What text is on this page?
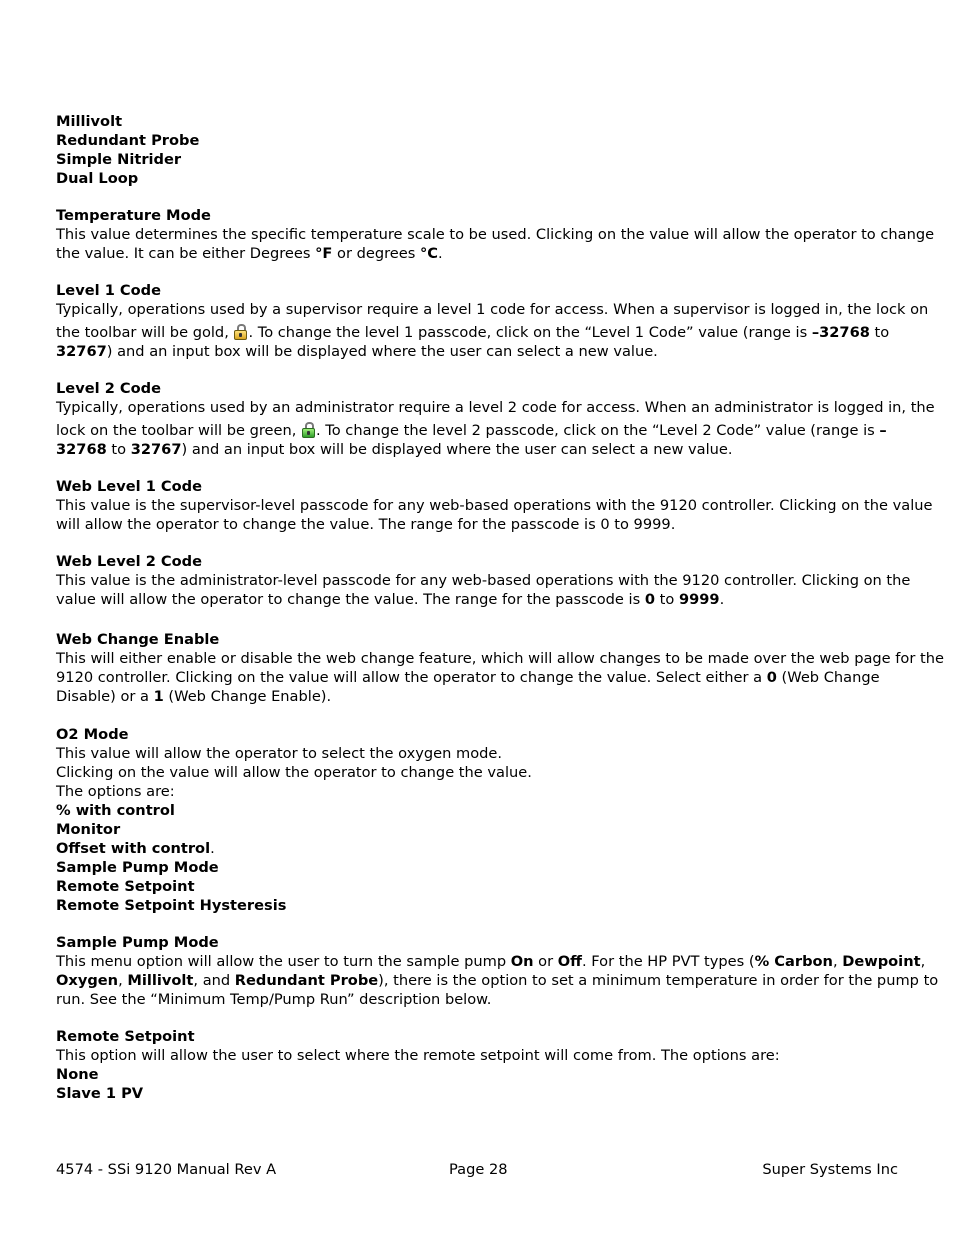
Millivolt
Redundant Probe
Simple Nitrider
Dual Loop
Temperature Mode
This value determines the specific temperature scale to be used. Clicking on the value will allow the operator to change
the value. It can be either Degrees °F or degrees °C.
Level 1 Code
Typically, operations used by a supervisor require a level 1 code for access. When a supervisor is logged in, the lock on
the toolbar will be gold,
. To change the level 1 passcode, click on the “Level 1 Code” value (range is –32768 to
32767) and an input box will be displayed where the user can select a new value.
Level 2 Code
Typically, operations used by an administrator require a level 2 code for access. When an administrator is logged in, the
lock on the toolbar will be green,
. To change the level 2 passcode, click on the “Level 2 Code” value (range is –
32768 to 32767) and an input box will be displayed where the user can select a new value.
Web Level 1 Code
This value is the supervisor-level passcode for any web-based operations with the 9120 controller. Clicking on the value
will allow the operator to change the value. The range for the passcode is 0 to 9999.
Web Level 2 Code
This value is the administrator-level passcode for any web-based operations with the 9120 controller. Clicking on the
value will allow the operator to change the value. The range for the passcode is 0 to 9999.
Web Change Enable
This will either enable or disable the web change feature, which will allow changes to be made over the web page for the
9120 controller. Clicking on the value will allow the operator to change the value. Select either a 0 (Web Change
Disable) or a 1 (Web Change Enable).
O2 Mode
This value will allow the operator to select the oxygen mode.
Clicking on the value will allow the operator to change the value.
The options are:
% with control
Monitor
Offset with control.
Sample Pump Mode
Remote Setpoint
Remote Setpoint Hysteresis
Sample Pump Mode
This menu option will allow the user to turn the sample pump On or Off. For the HP PVT types (% Carbon, Dewpoint,
Oxygen, Millivolt, and Redundant Probe), there is the option to set a minimum temperature in order for the pump to
run. See the “Minimum Temp/Pump Run” description below.
Remote Setpoint
This option will allow the user to select where the remote setpoint will come from. The options are:
None
Slave 1 PV
4574 - SSi 9120 Manual Rev A	Page 28	Super Systems Inc
